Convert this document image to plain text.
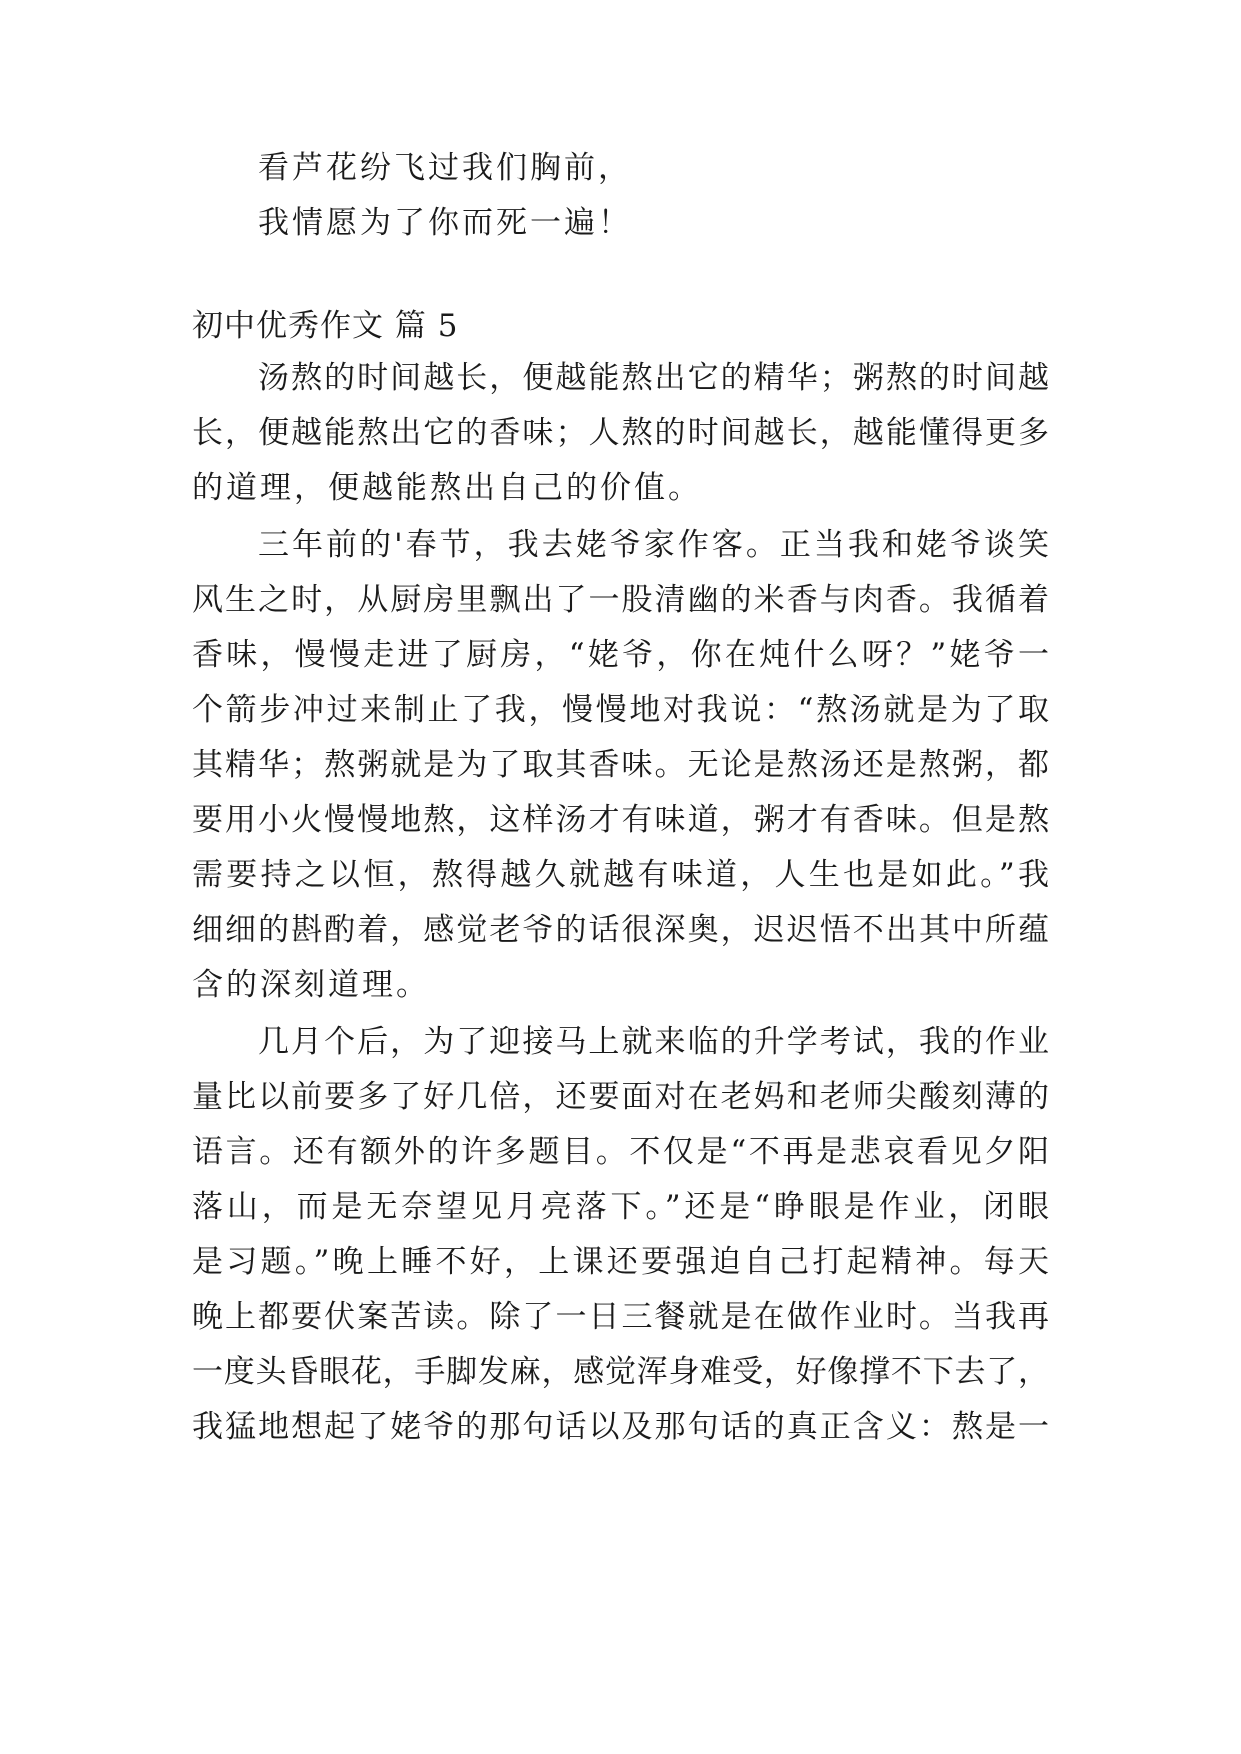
看芦花纷飞过我们胸前，
我情愿为了你而死一遍！
初中优秀作文 篇 5
汤熬的时间越长，便越能熬出它的精华；粥熬的时间越
长，便越能熬出它的香味；人熬的时间越长，越能懂得更多
的道理，便越能熬出自己的价值。
三年前的'春节，我去姥爷家作客。正当我和姥爷谈笑
风生之时，从厨房里飘出了一股清幽的米香与肉香。我循着
香味，慢慢走进了厨房，“姥爷，你在炖什么呀？”姥爷一
个箭步冲过来制止了我，慢慢地对我说：“熬汤就是为了取
其精华；熬粥就是为了取其香味。无论是熬汤还是熬粥，都
要用小火慢慢地熬，这样汤才有味道，粥才有香味。但是熬
需要持之以恒，熬得越久就越有味道，人生也是如此。”我
细细的斟酌着，感觉老爷的话很深奥，迟迟悟不出其中所蕴
含的深刻道理。
几月个后，为了迎接马上就来临的升学考试，我的作业
量比以前要多了好几倍，还要面对在老妈和老师尖酸刻薄的
语言。还有额外的许多题目。不仅是“不再是悲哀看见夕阳
落山，而是无奈望见月亮落下。”还是“睁眼是作业，闭眼
是习题。”晚上睡不好，上课还要强迫自己打起精神。每天
晚上都要伏案苦读。除了一日三餐就是在做作业时。当我再
一度头昏眼花，手脚发麻，感觉浑身难受，好像撑不下去了，
我猛地想起了姥爷的那句话以及那句话的真正含义：熬是一
